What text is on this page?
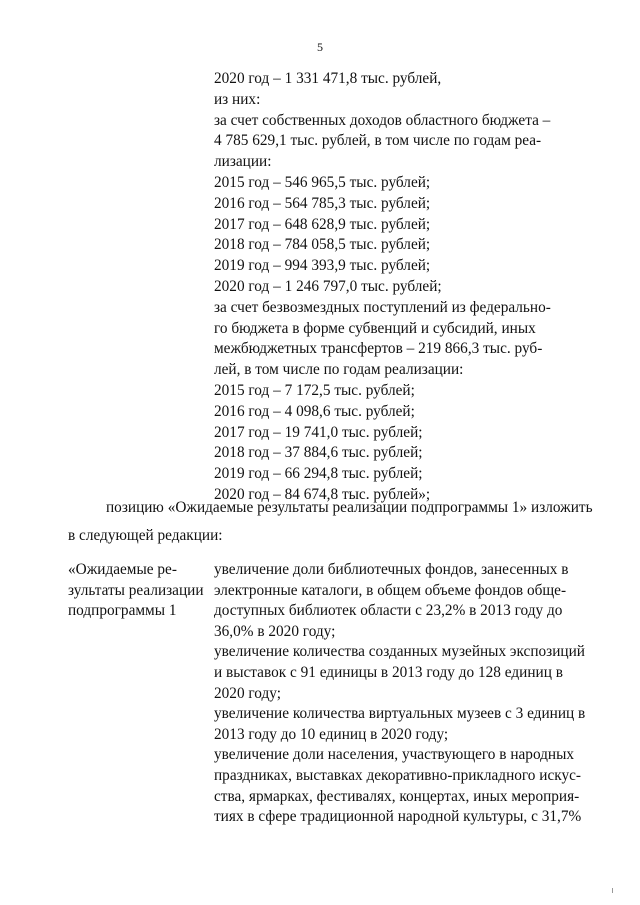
5
2020 год – 1 331 471,8 тыс. рублей,
из них:
за счет собственных доходов областного бюджета –
4 785 629,1 тыс. рублей, в том числе по годам реа-
лизации:
2015 год – 546 965,5 тыс. рублей;
2016 год – 564 785,3 тыс. рублей;
2017 год – 648 628,9 тыс. рублей;
2018 год – 784 058,5 тыс. рублей;
2019 год – 994 393,9 тыс. рублей;
2020 год – 1 246 797,0 тыс. рублей;
за счет безвозмездных поступлений из федерально-
го бюджета в форме субвенций и субсидий, иных
межбюджетных трансфертов – 219 866,3 тыс. руб-
лей, в том числе по годам реализации:
2015 год – 7 172,5 тыс. рублей;
2016 год – 4 098,6 тыс. рублей;
2017 год – 19 741,0 тыс. рублей;
2018 год – 37 884,6 тыс. рублей;
2019 год – 66 294,8 тыс. рублей;
2020 год – 84 674,8 тыс. рублей»;
позицию «Ожидаемые результаты реализации подпрограммы 1» изложить
в следующей редакции:
«Ожидаемые ре-
зультаты реализации
подпрограммы 1
увеличение доли библиотечных фондов, занесенных в
электронные каталоги, в общем объеме фондов обще-
доступных библиотек области с 23,2% в 2013 году до
36,0% в 2020 году;
увеличение количества созданных музейных экспозиций
и выставок с 91 единицы в 2013 году до 128 единиц в
2020 году;
увеличение количества виртуальных музеев с 3 единиц в
2013 году до 10 единиц в 2020 году;
увеличение доли населения, участвующего в народных
праздниках, выставках декоративно-прикладного искус-
ства, ярмарках, фестивалях, концертах, иных мероприя-
тиях в сфере традиционной народной культуры, с 31,7%
